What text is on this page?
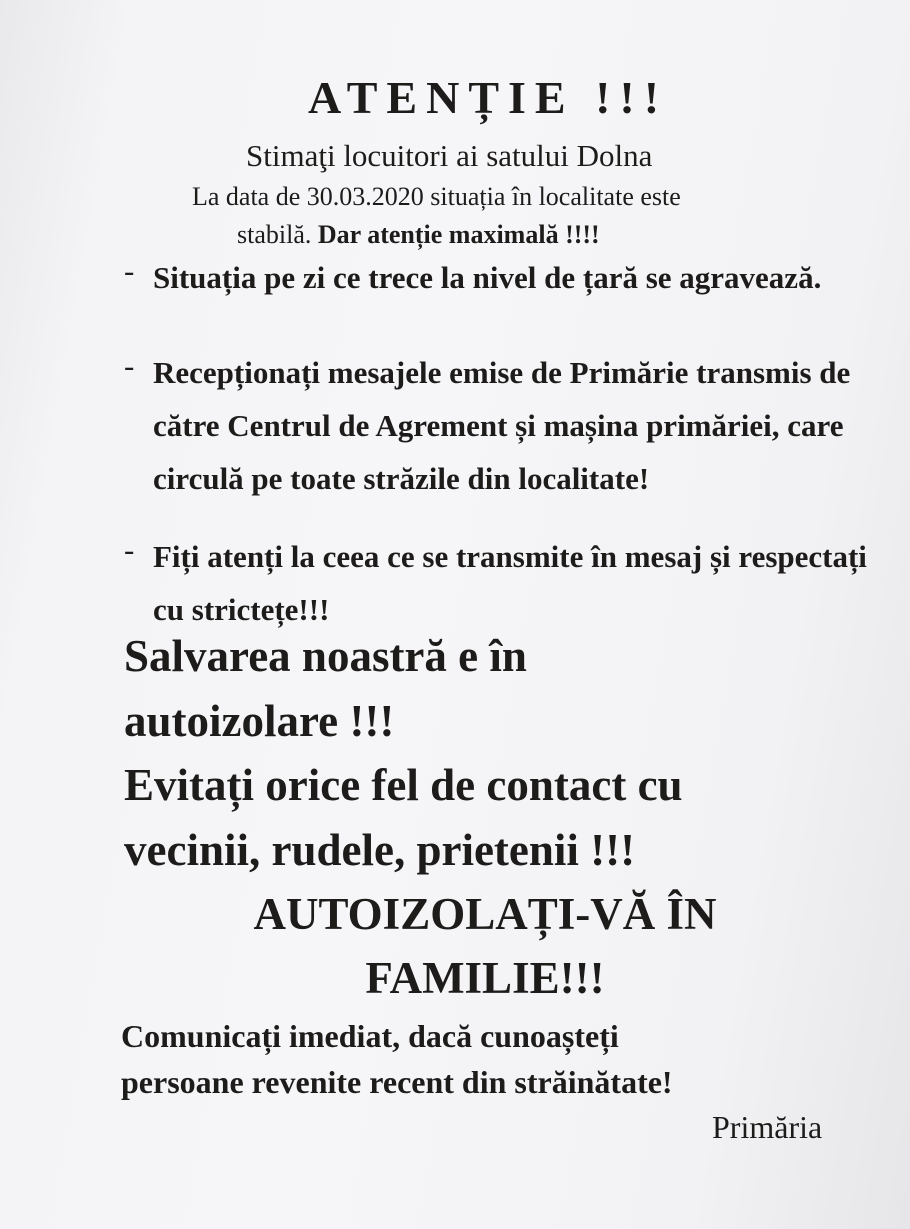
ATENȚIE !!!
Stimaţi locuitori ai satului Dolna
La data de 30.03.2020 situația în localitate este
stabilă. Dar atenție maximală !!!!
- Situația pe zi ce trece la nivel de țară se agravează.
- Recepționați mesajele emise de Primărie transmis de către Centrul de Agrement și mașina primăriei, care circulă pe toate străzile din localitate!
- Fiți atenți la ceea ce se transmite în mesaj și respectați cu strictețe!!!
Salvarea noastră e în
autoizolare !!!
Evitați orice fel de contact cu
vecinii, rudele, prietenii !!!
AUTOIZOLAȚI-VĂ ÎN
FAMILIE!!!
Comunicați imediat, dacă cunoașteți
persoane revenite recent din străinătate!
Primăria
